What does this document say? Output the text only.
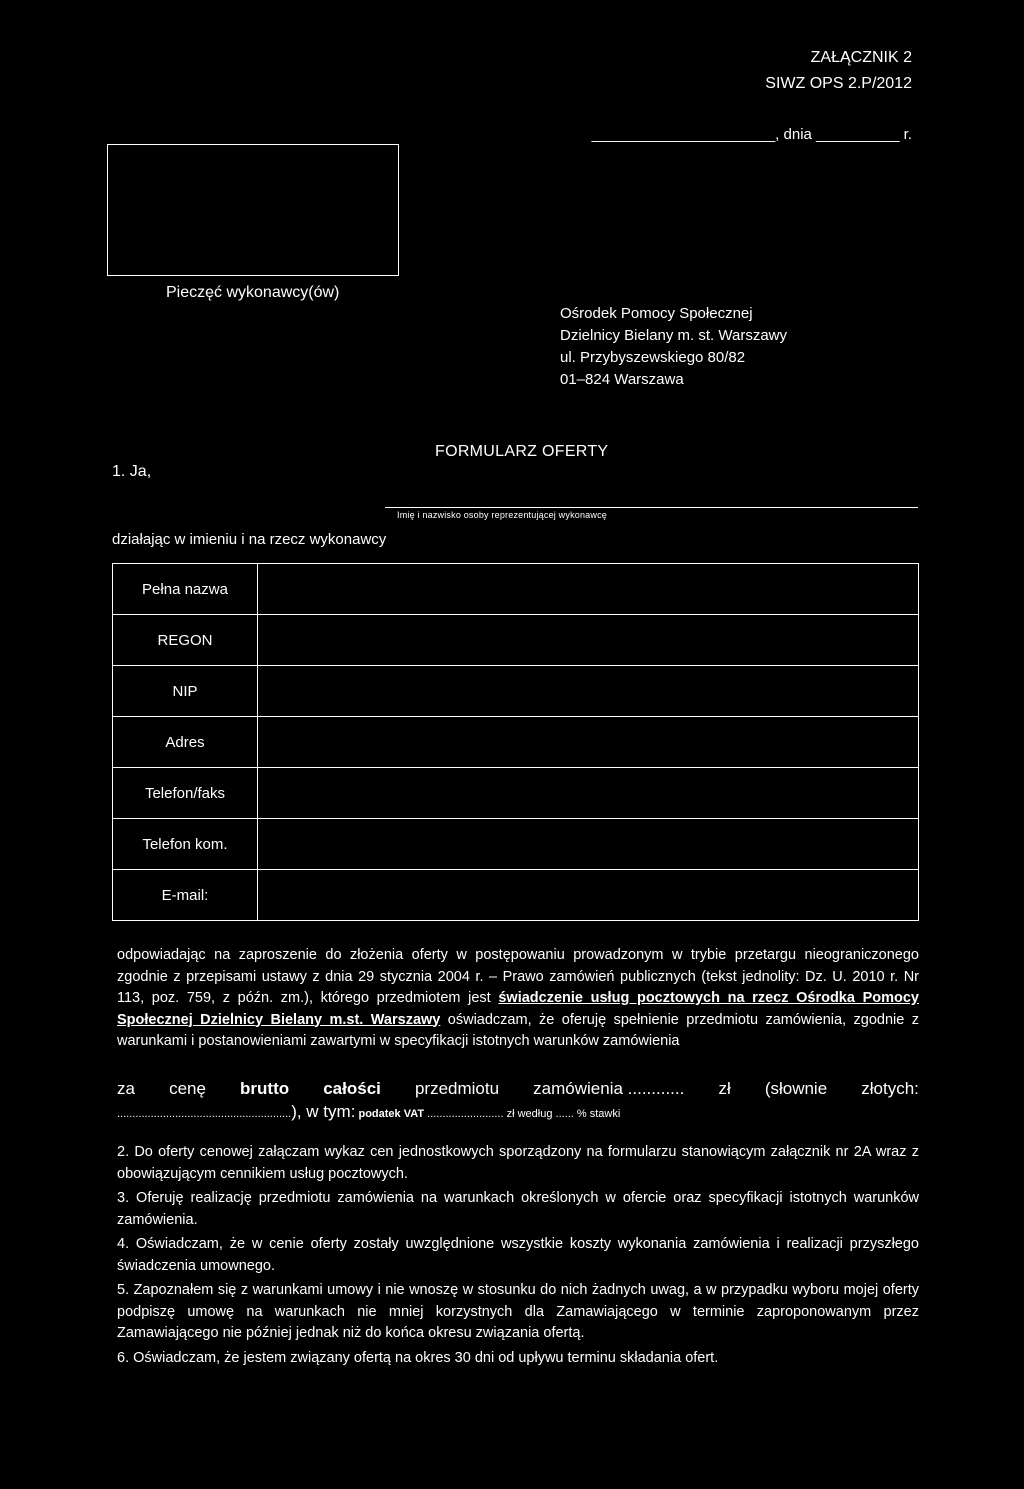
ZAŁĄCZNIK 2
SIWZ OPS 2.P/2012
______________________, dnia __________ r.
Pieczęć wykonawcy(ów)
Ośrodek Pomocy Społecznej
Dzielnicy Bielany m. st. Warszawy
ul. Przybyszewskiego 80/82
01–824 Warszawa
FORMULARZ OFERTY
1. Ja,
Imię i nazwisko osoby reprezentującej wykonawcę
działając w imieniu i na rzecz wykonawcy
Pełna nazwa	
REGON	
NIP	
Adres	
Telefon/faks	
Telefon kom.	
E-mail:	

odpowiadając na zaproszenie do złożenia oferty w postępowaniu prowadzonym w trybie przetargu nieograniczonego zgodnie z przepisami ustawy z dnia 29 stycznia 2004 r. – Prawo zamówień publicznych (tekst jednolity: Dz. U. 2010 r. Nr 113, poz. 759, z późn. zm.), którego przedmiotem jest świadczenie usług pocztowych na rzecz Ośrodka Pomocy Społecznej Dzielnicy Bielany m.st. Warszawy oświadczam, że oferuję spełnienie przedmiotu zamówienia, zgodnie z warunkami i postanowieniami zawartymi w specyfikacji istotnych warunków zamówienia

za cenę brutto całości przedmiotu zamówienia ............ zł (słownie złotych:
.........................................................), w tym: podatek VAT ......................... zł według ...... % stawki

2. Do oferty cenowej załączam wykaz cen jednostkowych sporządzony na formularzu stanowiącym załącznik nr 2A wraz z obowiązującym cennikiem usług pocztowych.

3. Oferuję realizację przedmiotu zamówienia na warunkach określonych w ofercie oraz specyfikacji istotnych warunków zamówienia.

4. Oświadczam, że w cenie oferty zostały uwzględnione wszystkie koszty wykonania zamówienia i realizacji przyszłego świadczenia umownego.

5. Zapoznałem się z warunkami umowy i nie wnoszę w stosunku do nich żadnych uwag, a w przypadku wyboru mojej oferty podpiszę umowę na warunkach nie mniej korzystnych dla Zamawiającego w terminie zaproponowanym przez Zamawiającego nie później jednak niż do końca okresu związania ofertą.

6. Oświadczam, że jestem związany ofertą na okres 30 dni od upływu terminu składania ofert.
